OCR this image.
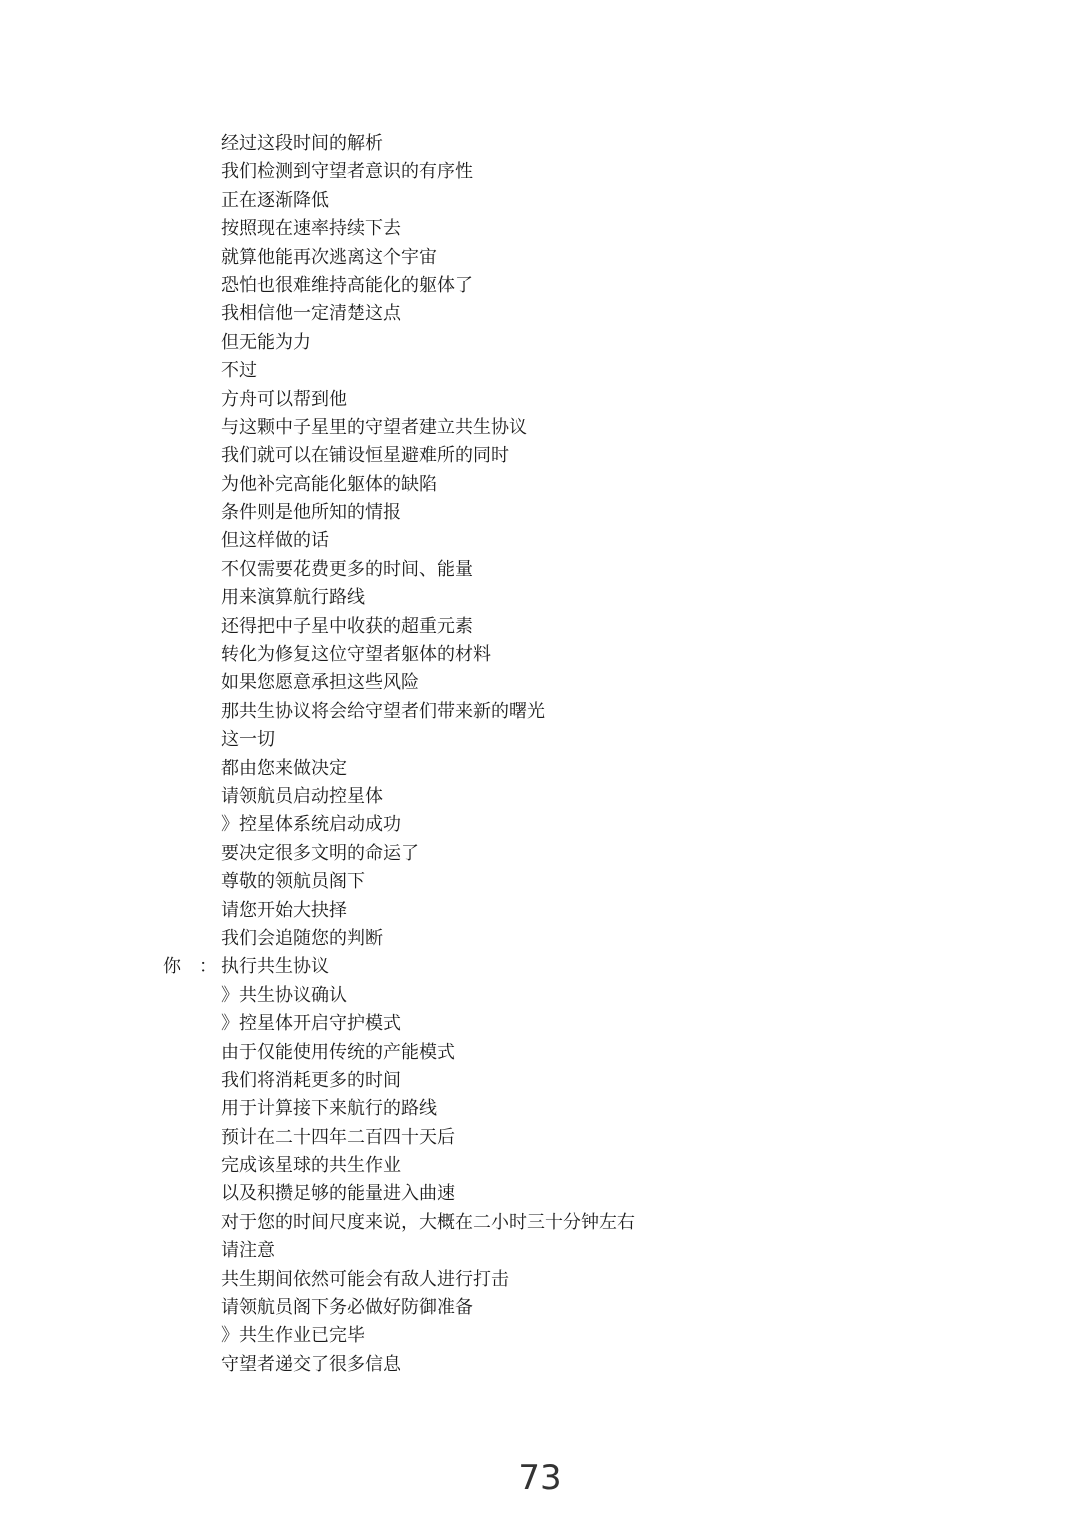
经过这段时间的解析
我们检测到守望者意识的有序性
正在逐渐降低
按照现在速率持续下去
就算他能再次逃离这个宇宙
恐怕也很难维持高能化的躯体了
我相信他一定清楚这点
但无能为力
不过
方舟可以帮到他
与这颗中子星里的守望者建立共生协议
我们就可以在铺设恒星避难所的同时
为他补完高能化躯体的缺陷
条件则是他所知的情报
但这样做的话
不仅需要花费更多的时间、能量
用来演算航行路线
还得把中子星中收获的超重元素
转化为修复这位守望者躯体的材料
如果您愿意承担这些风险
那共生协议将会给守望者们带来新的曙光
这一切
都由您来做决定
请领航员启动控星体
》控星体系统启动成功
要决定很多文明的命运了
尊敬的领航员阁下
请您开始大抉择
我们会追随您的判断
你 ： 执行共生协议
》共生协议确认
》控星体开启守护模式
由于仅能使用传统的产能模式
我们将消耗更多的时间
用于计算接下来航行的路线
预计在二十四年二百四十天后
完成该星球的共生作业
以及积攒足够的能量进入曲速
对于您的时间尺度来说，大概在二小时三十分钟左右
请注意
共生期间依然可能会有敌人进行打击
请领航员阁下务必做好防御准备
》共生作业已完毕
守望者递交了很多信息
73
